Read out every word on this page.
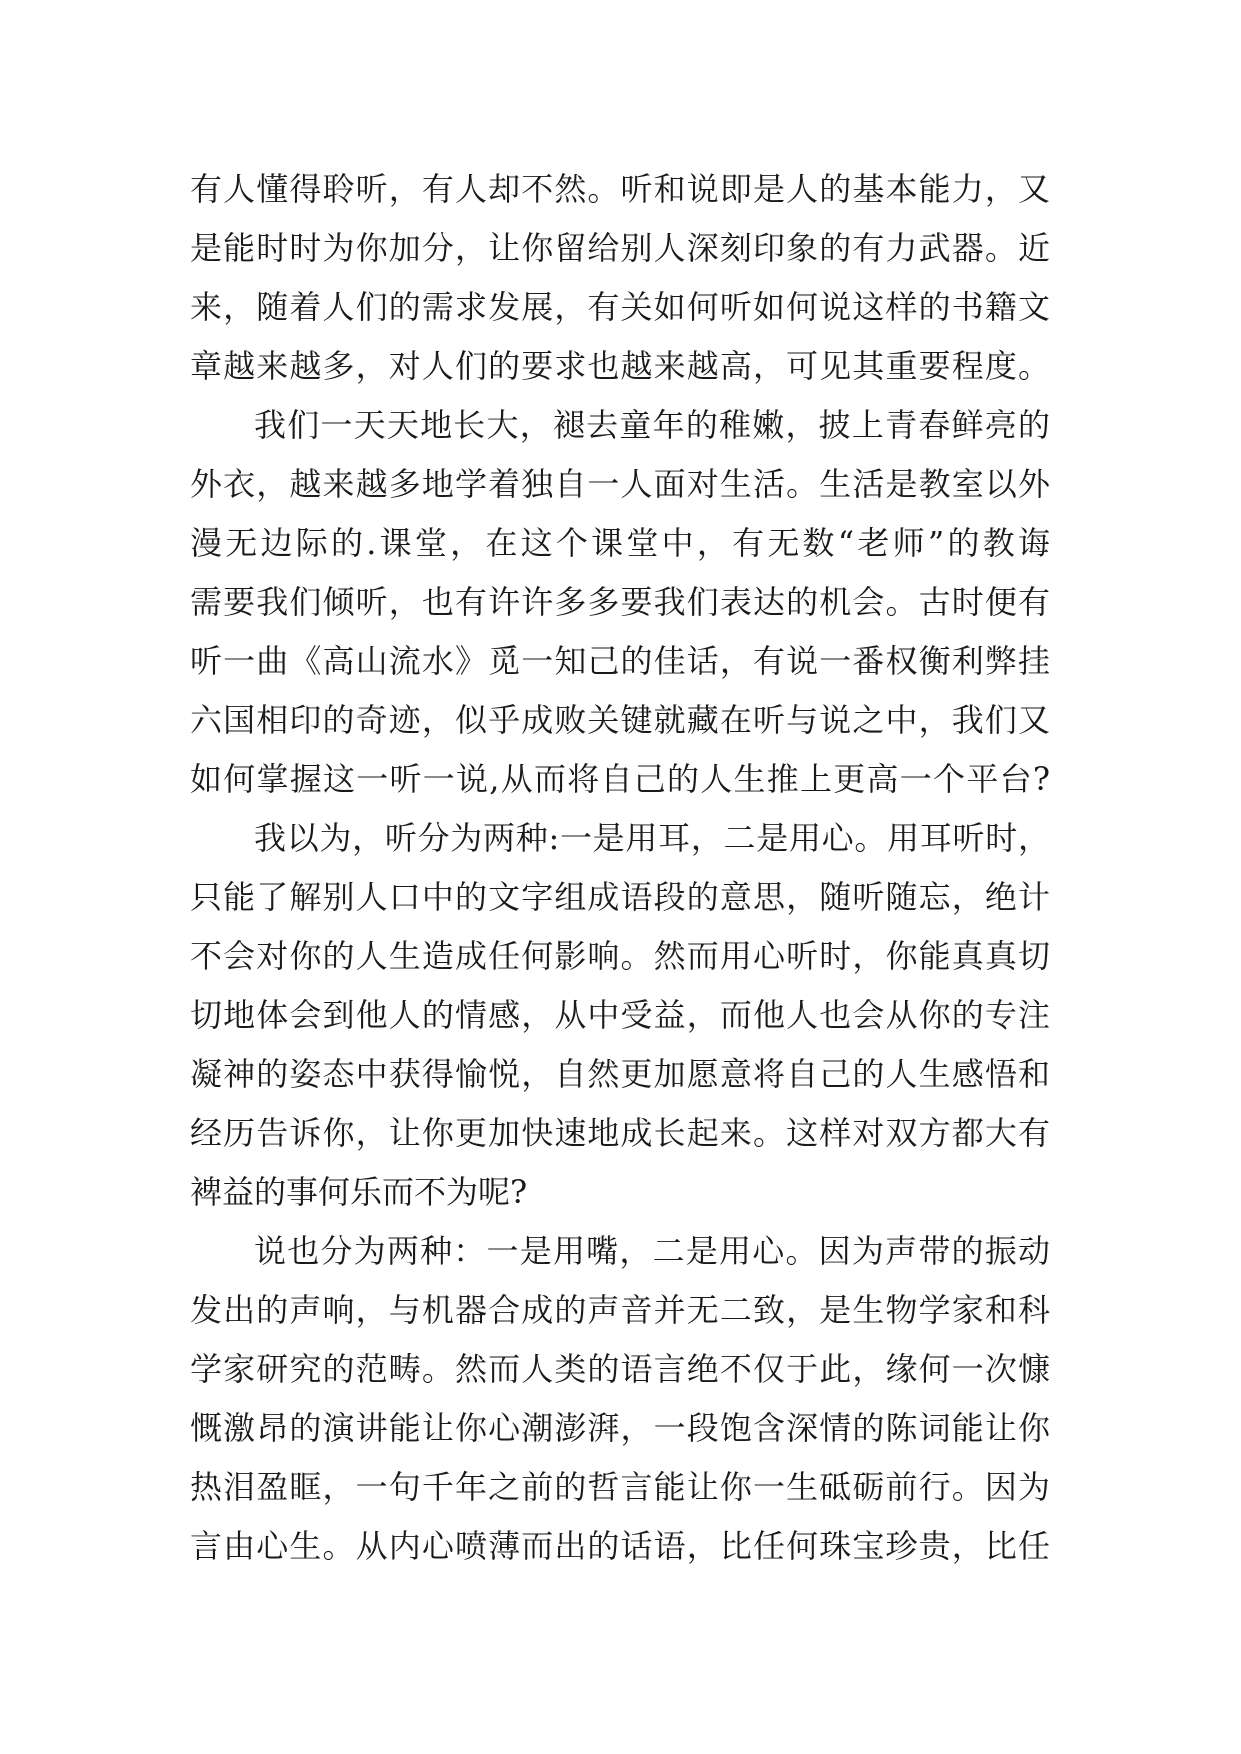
有人懂得聆听，有人却不然。听和说即是人的基本能力，又
是能时时为你加分，让你留给别人深刻印象的有力武器。近
来，随着人们的需求发展，有关如何听如何说这样的书籍文
章越来越多，对人们的要求也越来越高，可见其重要程度。
我们一天天地长大，褪去童年的稚嫩，披上青春鲜亮的
外衣，越来越多地学着独自一人面对生活。生活是教室以外
漫无边际的.课堂，在这个课堂中，有无数“老师”的教诲
需要我们倾听，也有许许多多要我们表达的机会。古时便有
听一曲《高山流水》觅一知己的佳话，有说一番权衡利弊挂
六国相印的奇迹，似乎成败关键就藏在听与说之中，我们又
如何掌握这一听一说,从而将自己的人生推上更高一个平台?
我以为，听分为两种:一是用耳，二是用心。用耳听时，
只能了解别人口中的文字组成语段的意思，随听随忘，绝计
不会对你的人生造成任何影响。然而用心听时，你能真真切
切地体会到他人的情感，从中受益，而他人也会从你的专注
凝神的姿态中获得愉悦，自然更加愿意将自己的人生感悟和
经历告诉你，让你更加快速地成长起来。这样对双方都大有
裨益的事何乐而不为呢?
说也分为两种：一是用嘴，二是用心。因为声带的振动
发出的声响，与机器合成的声音并无二致，是生物学家和科
学家研究的范畴。然而人类的语言绝不仅于此，缘何一次慷
慨激昂的演讲能让你心潮澎湃，一段饱含深情的陈词能让你
热泪盈眶，一句千年之前的哲言能让你一生砥砺前行。因为
言由心生。从内心喷薄而出的话语，比任何珠宝珍贵，比任
